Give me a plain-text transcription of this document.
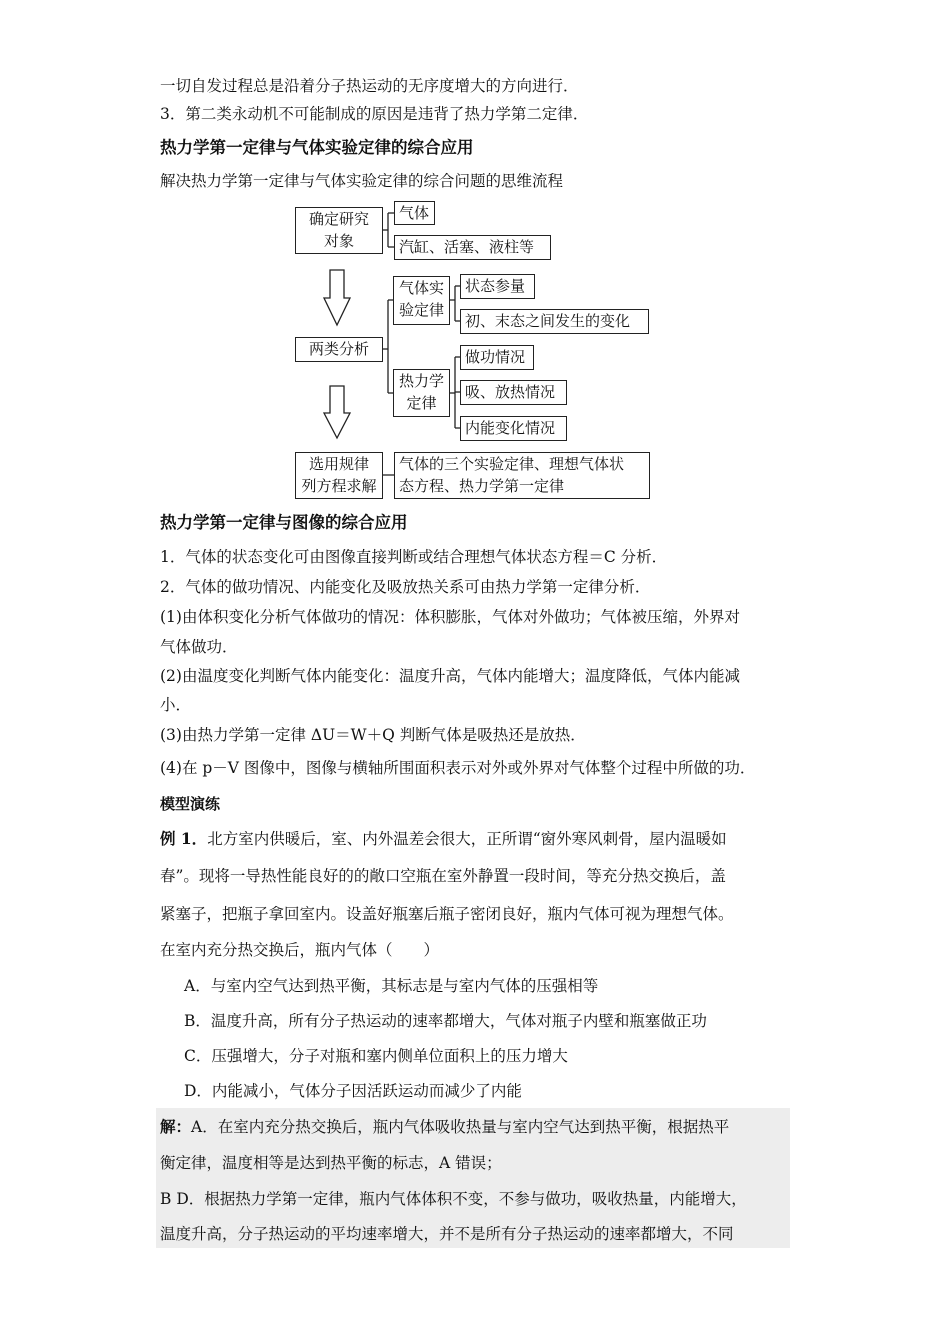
一切自发过程总是沿着分子热运动的无序度增大的方向进行．
3．第二类永动机不可能制成的原因是违背了热力学第二定律．
热力学第一定律与气体实验定律的综合应用
解决热力学第一定律与气体实验定律的综合问题的思维流程
确定研究
对象
气体
汽缸、活塞、液柱等
两类分析
气体实
验定律
状态参量
初、末态之间发生的变化
热力学
定律
做功情况
吸、放热情况
内能变化情况
选用规律
列方程求解
气体的三个实验定律、理想气体状
态方程、热力学第一定律
热力学第一定律与图像的综合应用
1．气体的状态变化可由图像直接判断或结合理想气体状态方程＝C 分析．
2．气体的做功情况、内能变化及吸放热关系可由热力学第一定律分析．
(1)由体积变化分析气体做功的情况：体积膨胀，气体对外做功；气体被压缩，外界对
气体做功．
(2)由温度变化判断气体内能变化：温度升高，气体内能增大；温度降低，气体内能减
小．
(3)由热力学第一定律 ΔU＝W＋Q 判断气体是吸热还是放热．
(4)在 p－V 图像中，图像与横轴所围面积表示对外或外界对气体整个过程中所做的功．
模型演练
例 1．北方室内供暖后，室、内外温差会很大，正所谓“窗外寒风刺骨，屋内温暖如
春”。现将一导热性能良好的的敞口空瓶在室外静置一段时间，等充分热交换后，盖
紧塞子，把瓶子拿回室内。设盖好瓶塞后瓶子密闭良好，瓶内气体可视为理想气体。
在室内充分热交换后，瓶内气体（　　）
A．与室内空气达到热平衡，其标志是与室内气体的压强相等
B．温度升高，所有分子热运动的速率都增大，气体对瓶子内壁和瓶塞做正功
C．压强增大，分子对瓶和塞内侧单位面积上的压力增大
D．内能减小，气体分子因活跃运动而减少了内能
解：A．在室内充分热交换后，瓶内气体吸收热量与室内空气达到热平衡，根据热平
衡定律，温度相等是达到热平衡的标志，A 错误；
B D．根据热力学第一定律，瓶内气体体积不变，不参与做功，吸收热量，内能增大，
温度升高，分子热运动的平均速率增大，并不是所有分子热运动的速率都增大，不同
